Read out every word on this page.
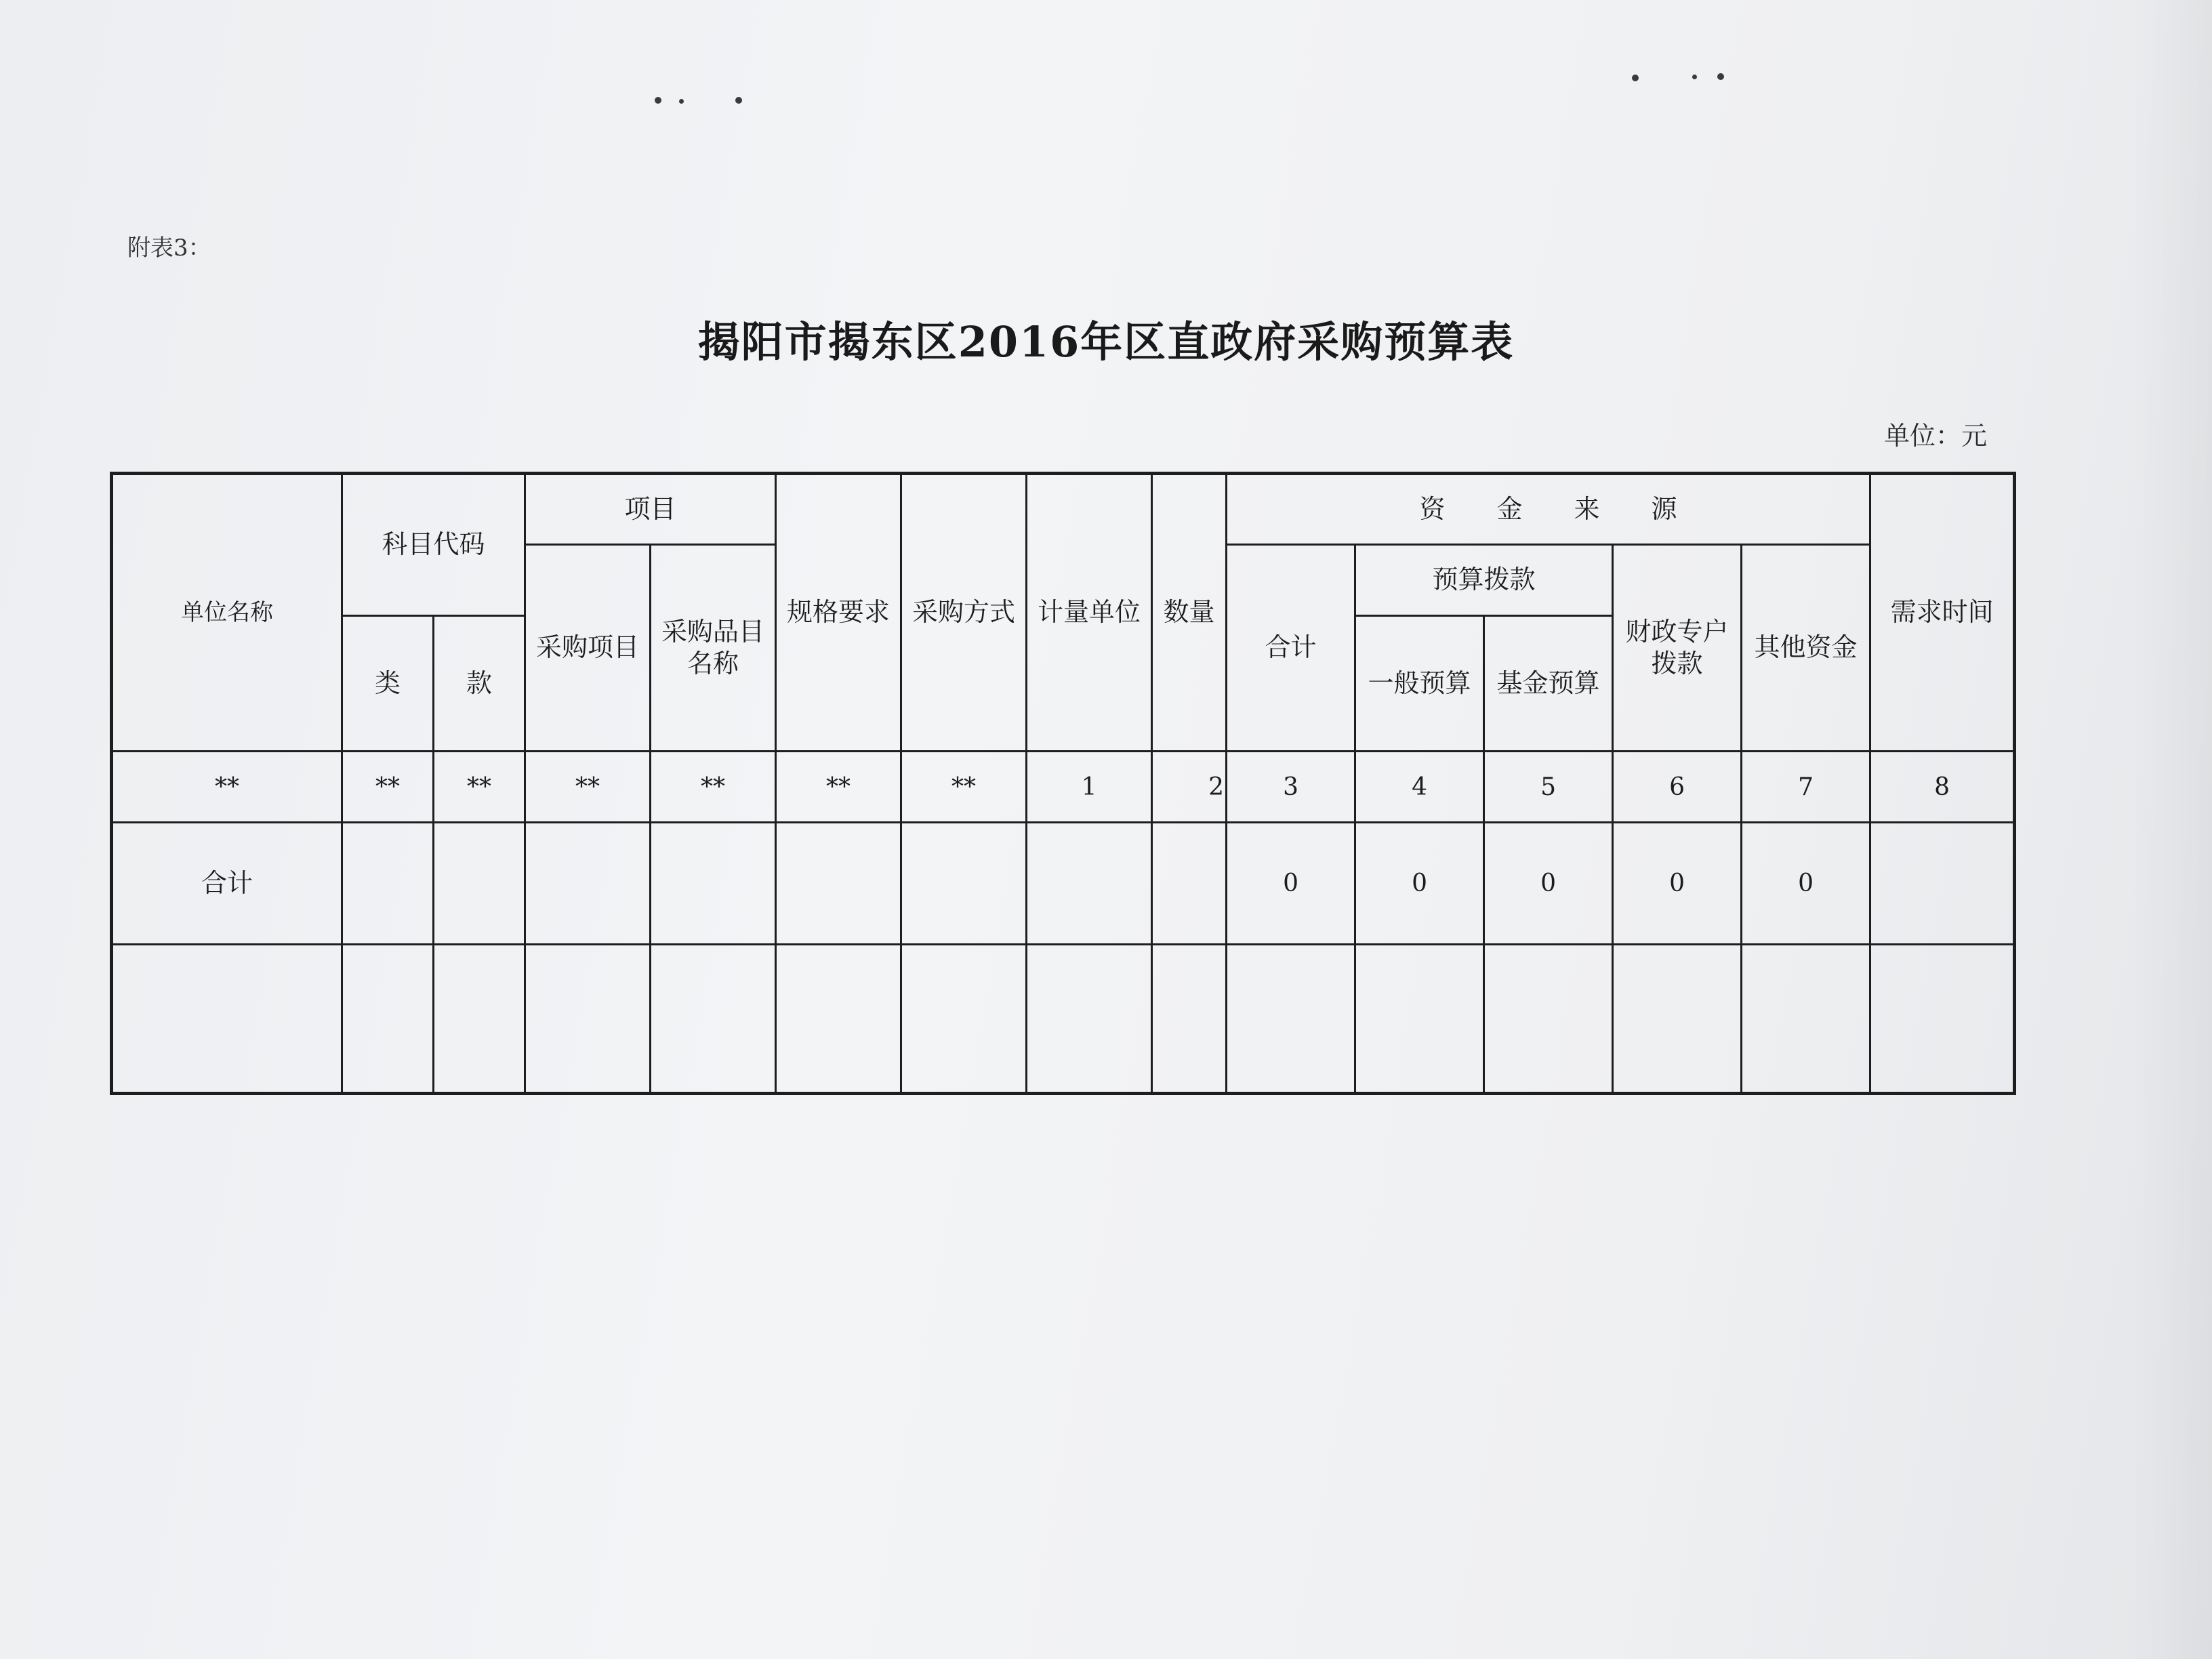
附表3：
揭阳市揭东区2016年区直政府采购预算表
单位：元
单位名称	科目代码		项目		规格要求	采购方式	计量单位	数量	资　　金　　来　　源					需求时间
			采购项目	采购品目名称					合计	预算拨款		财政专户拨款	其他资金	
	类	款								一般预算	基金预算			

**	**	**	**	**	**	**	1	2	3	4	5	6	7	8
合计									0	0	0	0	0	
